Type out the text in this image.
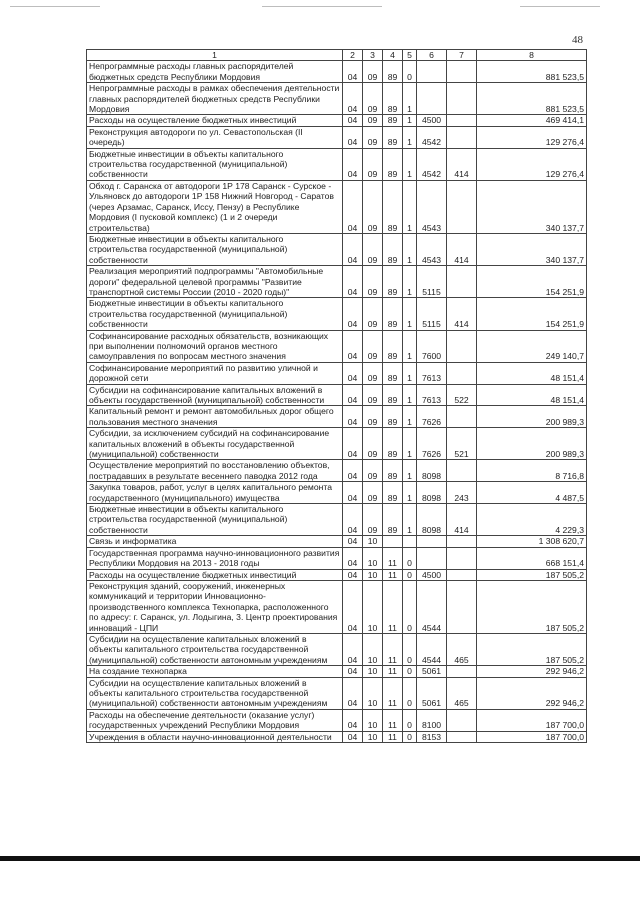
48
1	2	3	4	5	6	7	8
Непрограммные расходы главных распорядителей бюджетных средств Республики Мордовия	04	09	89	0			881 523,5
Непрограммные расходы в рамках обеспечения деятельности главных распорядителей бюджетных средств Республики Мордовия	04	09	89	1			881 523,5
Расходы на осуществление бюджетных инвестиций	04	09	89	1	4500		469 414,1
Реконструкция автодороги по ул. Севастопольская (II очередь)	04	09	89	1	4542		129 276,4
Бюджетные инвестиции в объекты капитального строительства государственной (муниципальной) собственности	04	09	89	1	4542	414	129 276,4
Обход г. Саранска от автодороги 1Р 178 Саранск - Сурское - Ульяновск до автодороги 1Р 158 Нижний Новгород - Саратов (через Арзамас, Саранск, Иссу, Пензу) в Республике Мордовия (I пусковой комплекс) (1 и 2 очереди строительства)	04	09	89	1	4543		340 137,7
Бюджетные инвестиции в объекты капитального строительства государственной (муниципальной) собственности	04	09	89	1	4543	414	340 137,7
Реализация мероприятий подпрограммы "Автомобильные дороги" федеральной целевой программы "Развитие транспортной системы России (2010 - 2020 годы)"	04	09	89	1	5115		154 251,9
Бюджетные инвестиции в объекты капитального строительства государственной (муниципальной) собственности	04	09	89	1	5115	414	154 251,9
Софинансирование расходных обязательств, возникающих при выполнении полномочий органов местного самоуправления по вопросам местного значения	04	09	89	1	7600		249 140,7
Софинансирование мероприятий по развитию уличной и дорожной сети	04	09	89	1	7613		48 151,4
Субсидии на софинансирование капитальных вложений в объекты государственной (муниципальной) собственности	04	09	89	1	7613	522	48 151,4
Капитальный ремонт и ремонт автомобильных дорог общего пользования местного значения	04	09	89	1	7626		200 989,3
Субсидии, за исключением субсидий на софинансирование капитальных вложений в объекты государственной (муниципальной) собственности	04	09	89	1	7626	521	200 989,3
Осуществление мероприятий по восстановлению объектов, пострадавших в результате весеннего паводка 2012 года	04	09	89	1	8098		8 716,8
Закупка товаров, работ, услуг в целях капитального ремонта государственного (муниципального) имущества	04	09	89	1	8098	243	4 487,5
Бюджетные инвестиции в объекты капитального строительства государственной (муниципальной) собственности	04	09	89	1	8098	414	4 229,3
Связь и информатика	04	10					1 308 620,7
Государственная программа научно-инновационного развития Республики Мордовия на 2013 - 2018 годы	04	10	11	0			668 151,4
Расходы на осуществление бюджетных инвестиций	04	10	11	0	4500		187 505,2
Реконструкция зданий, сооружений, инженерных коммуникаций и территории Инновационно-производственного комплекса Технопарка, расположенного по адресу: г. Саранск, ул. Лодыгина, 3. Центр проектирования инноваций - ЦПИ	04	10	11	0	4544		187 505,2
Субсидии на осуществление капитальных вложений в объекты капитального строительства государственной (муниципальной) собственности автономным учреждениям	04	10	11	0	4544	465	187 505,2
На создание технопарка	04	10	11	0	5061		292 946,2
Субсидии на осуществление капитальных вложений в объекты капитального строительства государственной (муниципальной) собственности автономным учреждениям	04	10	11	0	5061	465	292 946,2
Расходы на обеспечение деятельности (оказание услуг) государственных учреждений Республики Мордовия	04	10	11	0	8100		187 700,0
Учреждения в области научно-инновационной деятельности	04	10	11	0	8153		187 700,0
